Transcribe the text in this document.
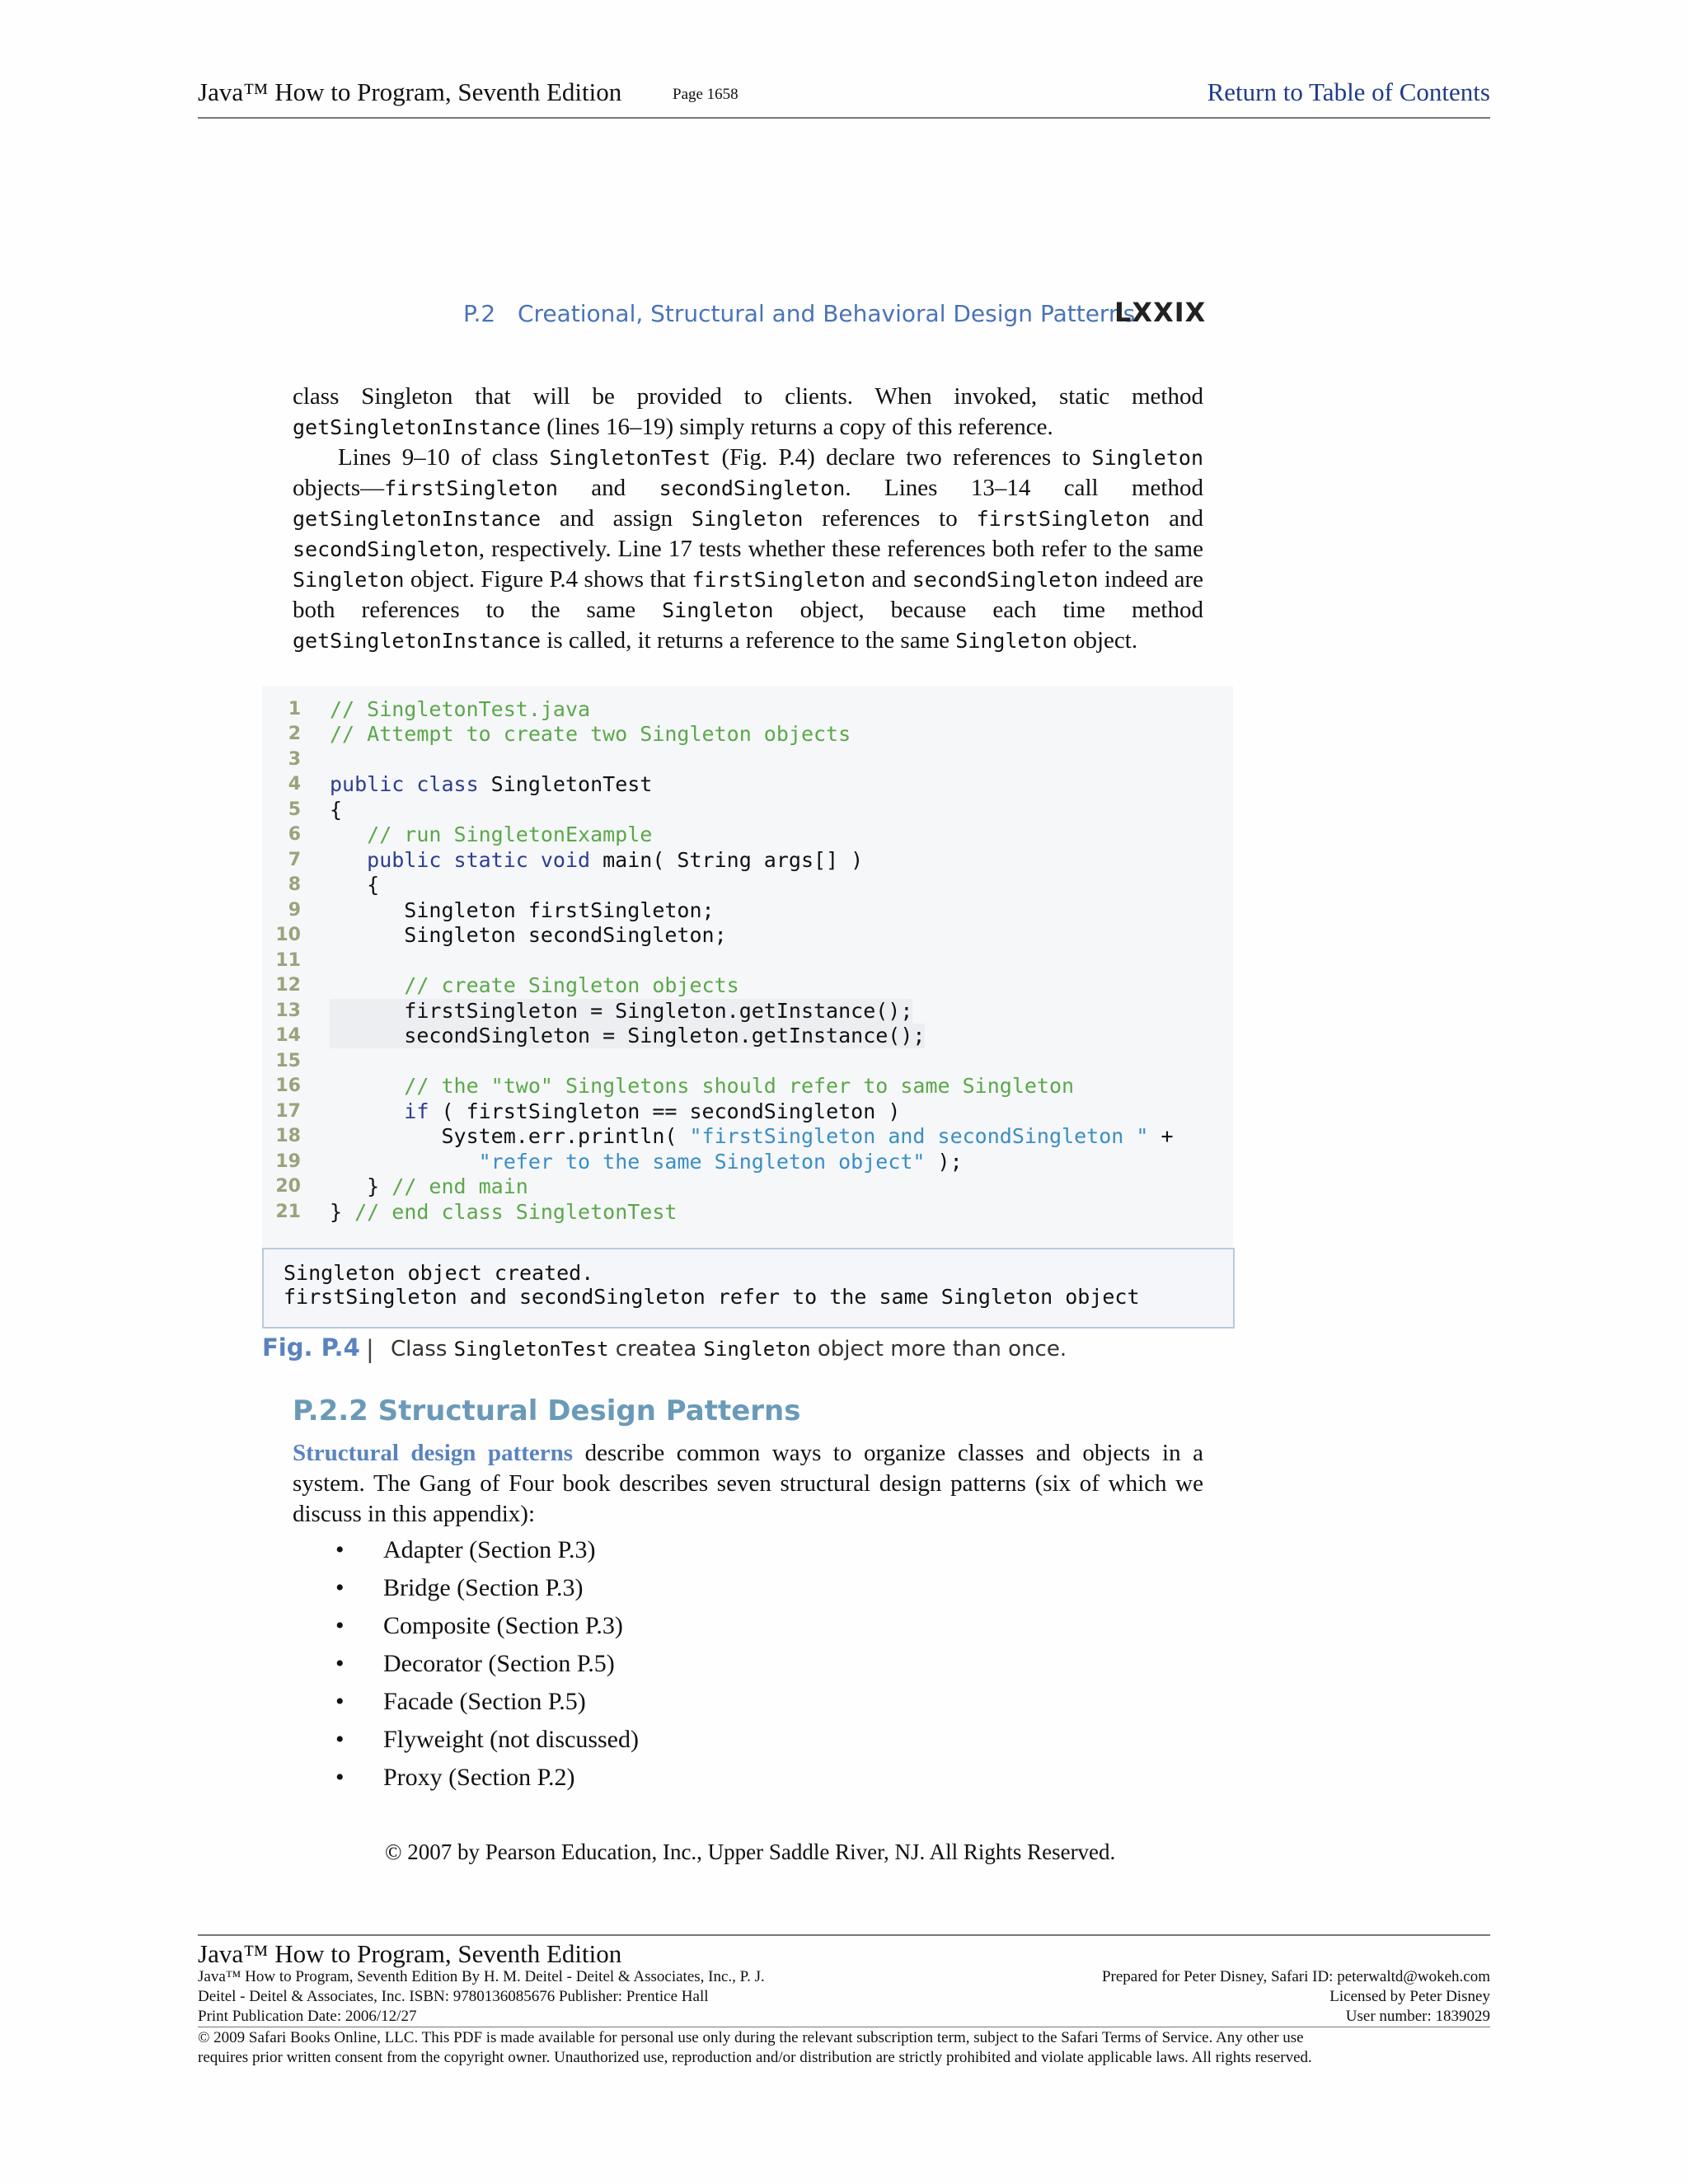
Java™ How to Program, Seventh Edition	Page 1658	Return to Table of Contents
P.2   Creational, Structural and Behavioral Design Patterns
LXXIX
class Singleton that will be provided to clients. When invoked, static method getSingletonInstance (lines 16–19) simply returns a copy of this reference.
Lines 9–10 of class SingletonTest (Fig. P.4) declare two references to Singleton objects—firstSingleton and secondSingleton. Lines 13–14 call method getSingletonInstance and assign Singleton references to firstSingleton and secondSingleton, respectively. Line 17 tests whether these references both refer to the same Singleton object. Figure P.4 shows that firstSingleton and secondSingleton indeed are both references to the same Singleton object, because each time method getSingletonInstance is called, it returns a reference to the same Singleton object.
1 // SingletonTest.java
2 // Attempt to create two Singleton objects
3
4 public class SingletonTest
5 {
6 // run SingletonExample
7 public static void main( String args[] )
8 {
9 Singleton firstSingleton;
10 Singleton secondSingleton;
11
12 // create Singleton objects
13 firstSingleton = Singleton.getInstance();
14 secondSingleton = Singleton.getInstance();
15
16 // the "two" Singletons should refer to same Singleton
17 if ( firstSingleton == secondSingleton )
18 System.err.println( "firstSingleton and secondSingleton " +
19	"refer to the same Singleton object" );
20 } // end main
21 } // end class SingletonTest
Singleton object created.
firstSingleton and secondSingleton refer to the same Singleton object
Fig. P.4 | Class SingletonTest createa Singleton object more than once.
P.2.2 Structural Design Patterns
Structural design patterns describe common ways to organize classes and objects in a system. The Gang of Four book describes seven structural design patterns (six of which we discuss in this appendix):
• Adapter (Section P.3)
• Bridge (Section P.3)
• Composite (Section P.3)
• Decorator (Section P.5)
• Facade (Section P.5)
• Flyweight (not discussed)
• Proxy (Section P.2)
© 2007 by Pearson Education, Inc., Upper Saddle River, NJ. All Rights Reserved.
Java™ How to Program, Seventh Edition
Java™ How to Program, Seventh Edition By H. M. Deitel - Deitel & Associates, Inc., P. J.
Deitel - Deitel & Associates, Inc. ISBN: 9780136085676 Publisher: Prentice Hall
Print Publication Date: 2006/12/27
Prepared for Peter Disney, Safari ID: peterwaltd@wokeh.com
Licensed by Peter Disney
User number: 1839029
© 2009 Safari Books Online, LLC. This PDF is made available for personal use only during the relevant subscription term, subject to the Safari Terms of Service. Any other use
requires prior written consent from the copyright owner. Unauthorized use, reproduction and/or distribution are strictly prohibited and violate applicable laws. All rights reserved.
